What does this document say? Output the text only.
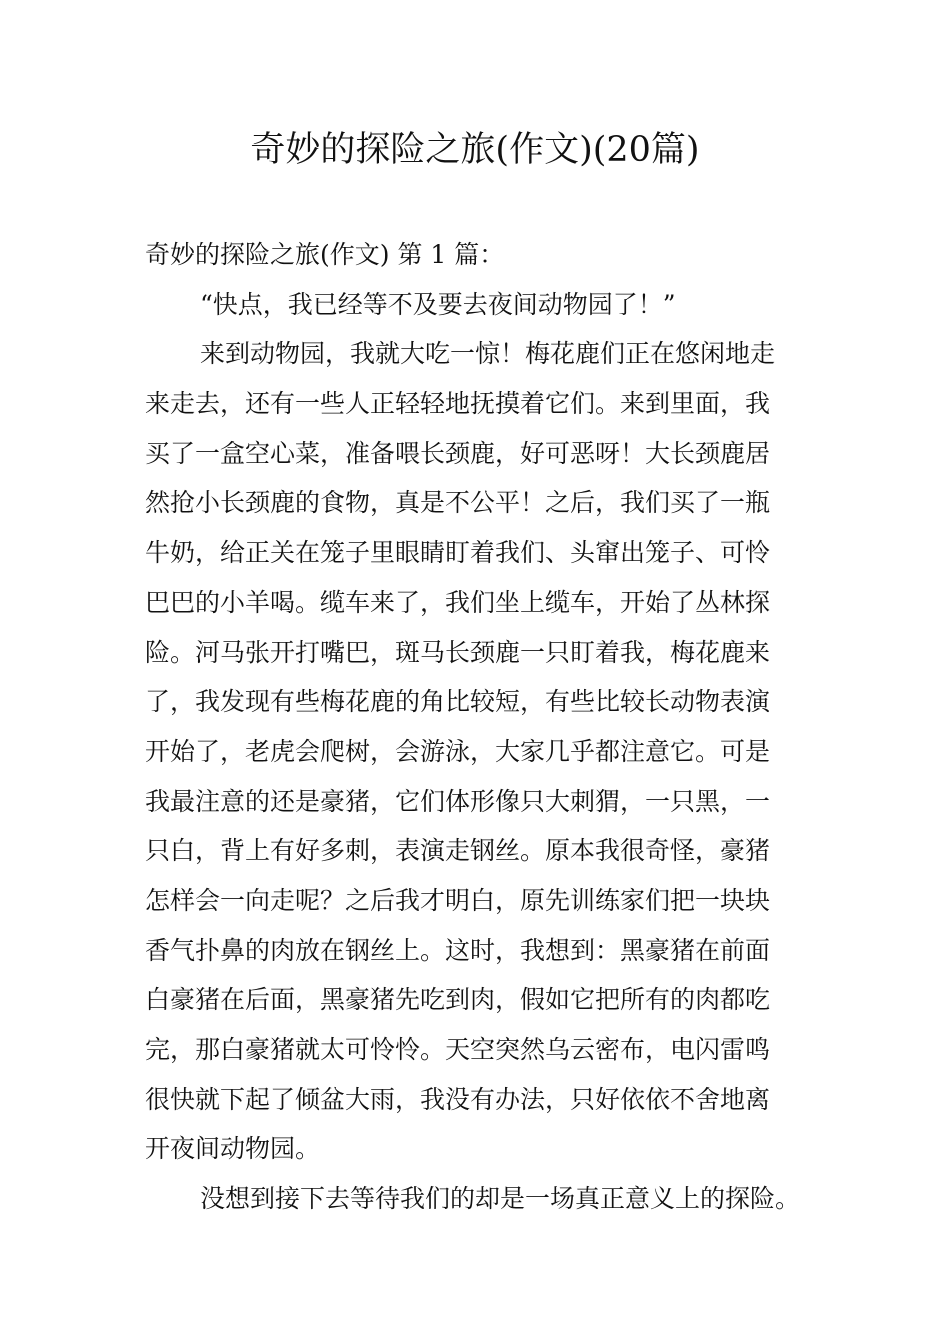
奇妙的探险之旅(作文)(20篇)
奇妙的探险之旅(作文) 第 1 篇：
“快点，我已经等不及要去夜间动物园了！”
来到动物园，我就大吃一惊！梅花鹿们正在悠闲地走
来走去，还有一些人正轻轻地抚摸着它们。来到里面，我
买了一盒空心菜，准备喂长颈鹿，好可恶呀！大长颈鹿居
然抢小长颈鹿的食物，真是不公平！之后，我们买了一瓶
牛奶，给正关在笼子里眼睛盯着我们、头窜出笼子、可怜
巴巴的小羊喝。缆车来了，我们坐上缆车，开始了丛林探
险。河马张开打嘴巴，斑马长颈鹿一只盯着我，梅花鹿来
了，我发现有些梅花鹿的角比较短，有些比较长动物表演
开始了，老虎会爬树，会游泳，大家几乎都注意它。可是
我最注意的还是豪猪，它们体形像只大刺猬，一只黑，一
只白，背上有好多刺，表演走钢丝。原本我很奇怪，豪猪
怎样会一向走呢？之后我才明白，原先训练家们把一块块
香气扑鼻的肉放在钢丝上。这时，我想到：黑豪猪在前面
白豪猪在后面，黑豪猪先吃到肉，假如它把所有的肉都吃
完，那白豪猪就太可怜怜。天空突然乌云密布，电闪雷鸣
很快就下起了倾盆大雨，我没有办法，只好依依不舍地离
开夜间动物园。
没想到接下去等待我们的却是一场真正意义上的探险。
